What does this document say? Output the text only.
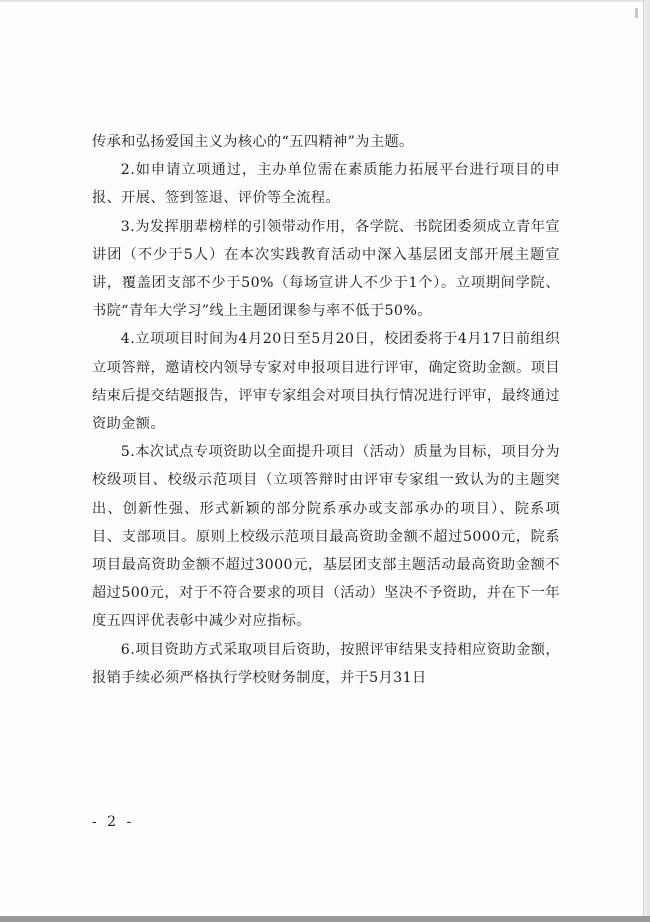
传承和弘扬爱国主义为核心的“五四精神”为主题。

2.如申请立项通过，主办单位需在素质能力拓展平台进行项目的申报、开展、签到签退、评价等全流程。

3.为发挥朋辈榜样的引领带动作用，各学院、书院团委须成立青年宣讲团（不少于5人）在本次实践教育活动中深入基层团支部开展主题宣讲，覆盖团支部不少于50%（每场宣讲人不少于1个）。立项期间学院、书院“青年大学习”线上主题团课参与率不低于50%。

4.立项项目时间为4月20日至5月20日，校团委将于4月17日前组织立项答辩，邀请校内领导专家对申报项目进行评审，确定资助金额。项目结束后提交结题报告，评审专家组会对项目执行情况进行评审，最终通过资助金额。

5.本次试点专项资助以全面提升项目（活动）质量为目标，项目分为校级项目、校级示范项目（立项答辩时由评审专家组一致认为的主题突出、创新性强、形式新颖的部分院系承办或支部承办的项目）、院系项目、支部项目。原则上校级示范项目最高资助金额不超过5000元，院系项目最高资助金额不超过3000元，基层团支部主题活动最高资助金额不超过500元，对于不符合要求的项目（活动）坚决不予资助，并在下一年度五四评优表彰中减少对应指标。

6.项目资助方式采取项目后资助，按照评审结果支持相应资助金额，报销手续必须严格执行学校财务制度，并于5月31日

- 2 -
